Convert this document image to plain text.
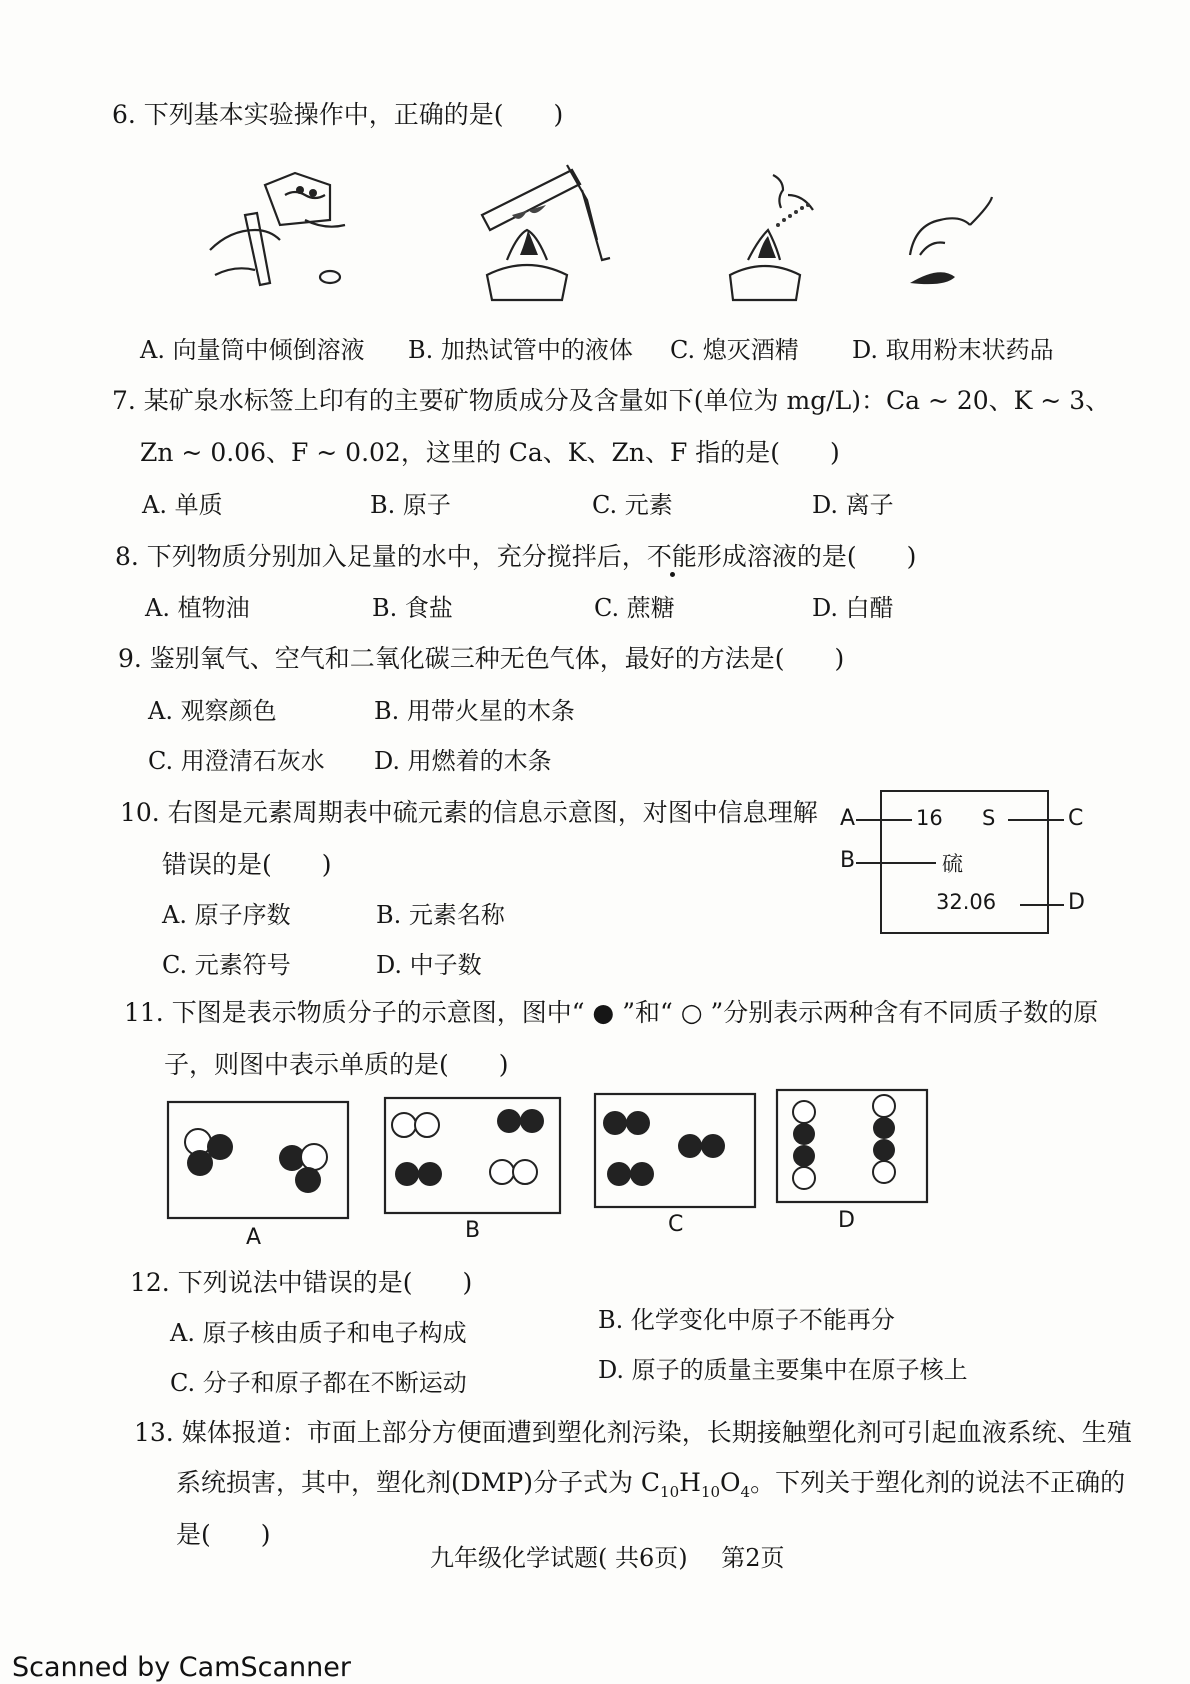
6. 下列基本实验操作中，正确的是(　　)
A. 向量筒中倾倒溶液 B. 加热试管中的液体 C. 熄灭酒精 D. 取用粉末状药品
7. 某矿泉水标签上印有的主要矿物质成分及含量如下(单位为 mg/L)：Ca ~ 20、K ~ 3、
Zn ~ 0.06、F ~ 0.02，这里的 Ca、K、Zn、F 指的是(　　)
A. 单质	B. 原子	C. 元素	D. 离子
8. 下列物质分别加入足量的水中，充分搅拌后，不能形成溶液的是(　　)
A. 植物油	B. 食盐	C. 蔗糖	D. 白醋
9. 鉴别氧气、空气和二氧化碳三种无色气体，最好的方法是(　　)
A. 观察颜色	B. 用带火星的木条
C. 用澄清石灰水 D. 用燃着的木条
10. 右图是元素周期表中硫元素的信息示意图，对图中信息理解
错误的是(　　)
A. 原子序数	B. 元素名称
C. 元素符号	D. 中子数
A
B
C
D
16 S
硫
32.06
11. 下图是表示物质分子的示意图，图中“ ● ”和“ ○ ”分别表示两种含有不同质子数的原
子，则图中表示单质的是(　　)
A	B	C	D
12. 下列说法中错误的是(　　)
A. 原子核由质子和电子构成	B. 化学变化中原子不能再分
C. 分子和原子都在不断运动	D. 原子的质量主要集中在原子核上
13. 媒体报道：市面上部分方便面遭到塑化剂污染，长期接触塑化剂可引起血液系统、生殖
系统损害，其中，塑化剂(DMP)分子式为 $C_{10}H_{10}O_4$。下列关于塑化剂的说法不正确的
是(　　)
九年级化学试题( 共6页) 第2页
Scanned by CamScanner
